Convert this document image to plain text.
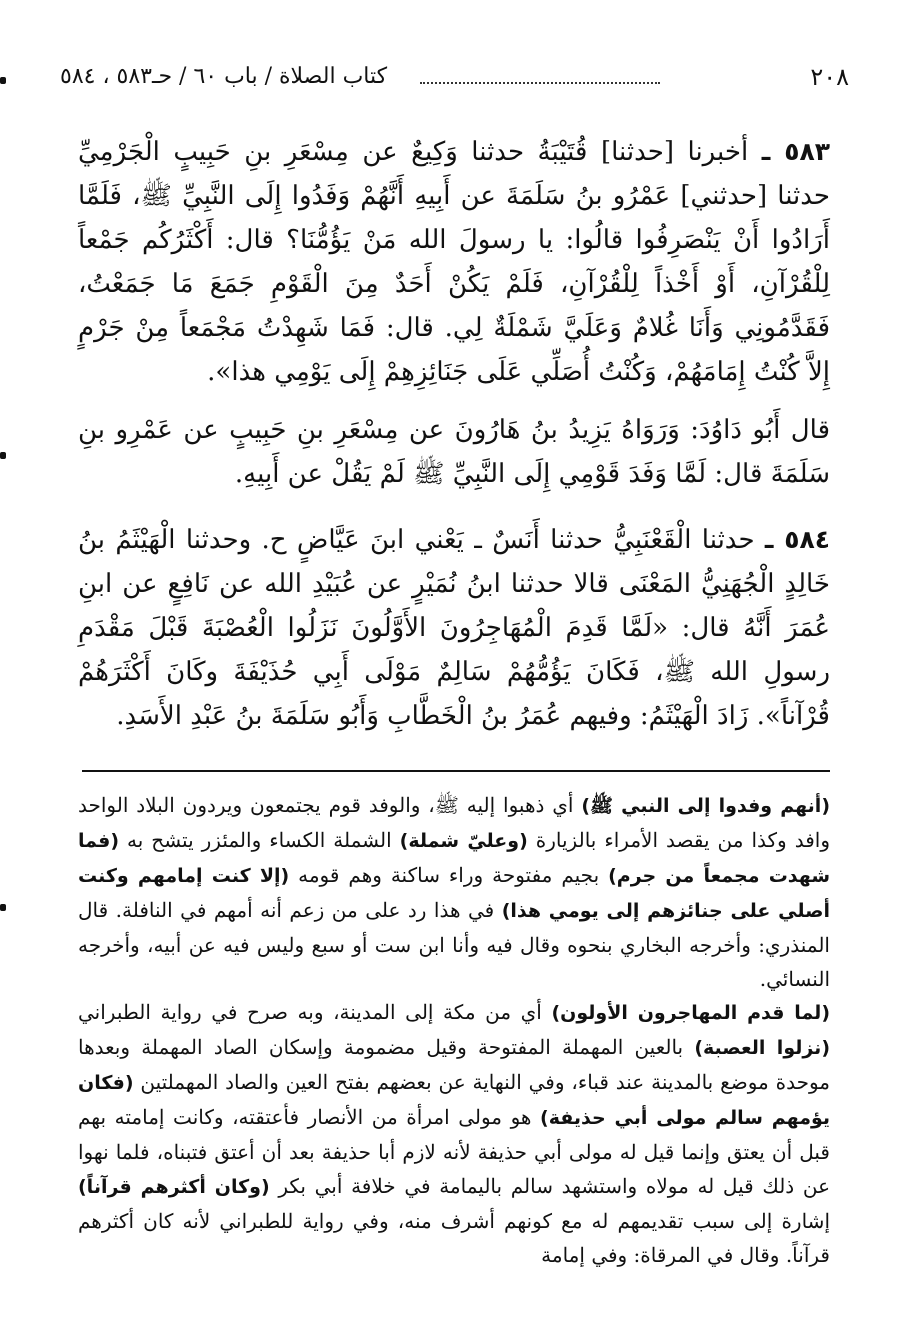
٢٠٨
كتاب الصلاة / باب ٦٠ / حـ٥٨٣ ، ٥٨٤
٥٨٣ ـ أخبرنا [حدثنا] قُتَيْبَةُ حدثنا وَكِيعٌ عن مِسْعَرِ بنِ حَبِيبٍ الْجَرْمِيِّ حدثنا [حدثني] عَمْرُو بنُ سَلَمَةَ عن أَبِيهِ أَنَّهُمْ وَفَدُوا إِلَى النَّبِيِّ ﷺ، فَلَمَّا أَرَادُوا أَنْ يَنْصَرِفُوا قالُوا: يا رسولَ الله مَنْ يَؤُمُّنَا؟ قال: أَكْثَرُكُم جَمْعاً لِلْقُرْآنِ، أَوْ أَخْذاً لِلْقُرْآنِ، فَلَمْ يَكُنْ أَحَدٌ مِنَ الْقَوْمِ جَمَعَ مَا جَمَعْتُ، فَقَدَّمُونِي وَأَنَا غُلامٌ وَعَلَيَّ شَمْلَةٌ لِي. قال: فَمَا شَهِدْتُ مَجْمَعاً مِنْ جَرْمٍ إِلاَّ كُنْتُ إِمَامَهُمْ، وَكُنْتُ أُصَلِّي عَلَى جَنَائِزِهِمْ إِلَى يَوْمِي هذا».
قال أَبُو دَاوُدَ: وَرَوَاهُ يَزِيدُ بنُ هَارُونَ عن مِسْعَرِ بنِ حَبِيبٍ عن عَمْرِو بنِ سَلَمَةَ قال: لَمَّا وَفَدَ قَوْمِي إِلَى النَّبِيِّ ﷺ لَمْ يَقُلْ عن أَبِيهِ.
٥٨٤ ـ حدثنا الْقَعْنَبِيُّ حدثنا أَنَسٌ ـ يَعْني ابنَ عَيَّاضٍ ح. وحدثنا الْهَيْثَمُ بنُ خَالِدٍ الْجُهَنِيُّ المَعْنَى قالا حدثنا ابنُ نُمَيْرٍ عن عُبَيْدِ الله عن نَافِعٍ عن ابنِ عُمَرَ أَنَّهُ قال: «لَمَّا قَدِمَ الْمُهَاجِرُونَ الأَوَّلُونَ نَزَلُوا الْعُصْبَةَ قَبْلَ مَقْدَمِ رسولِ الله ﷺ، فَكَانَ يَؤُمُّهُمْ سَالِمٌ مَوْلَى أَبِي حُذَيْفَةَ وكَانَ أَكْثَرَهُمْ قُرْآناً». زَادَ الْهَيْثَمُ: وفيهم عُمَرُ بنُ الْخَطَّابِ وَأَبُو سَلَمَةَ بنُ عَبْدِ الأَسَدِ.
(أنهم وفدوا إلى النبي ﷺ) أي ذهبوا إليه ﷺ، والوفد قوم يجتمعون ويردون البلاد الواحد وافد وكذا من يقصد الأمراء بالزيارة (وعليّ شملة) الشملة الكساء والمئزر يتشح به (فما شهدت مجمعاً من جرم) بجيم مفتوحة وراء ساكنة وهم قومه (إلا كنت إمامهم وكنت أصلي على جنائزهم إلى يومي هذا) في هذا رد على من زعم أنه أمهم في النافلة. قال المنذري: وأخرجه البخاري بنحوه وقال فيه وأنا ابن ست أو سبع وليس فيه عن أبيه، وأخرجه النسائي.
(لما قدم المهاجرون الأولون) أي من مكة إلى المدينة، وبه صرح في رواية الطبراني (نزلوا العصبة) بالعين المهملة المفتوحة وقيل مضمومة وإسكان الصاد المهملة وبعدها موحدة موضع بالمدينة عند قباء، وفي النهاية عن بعضهم بفتح العين والصاد المهملتين (فكان يؤمهم سالم مولى أبي حذيفة) هو مولى امرأة من الأنصار فأعتقته، وكانت إمامته بهم قبل أن يعتق وإنما قيل له مولى أبي حذيفة لأنه لازم أبا حذيفة بعد أن أعتق فتبناه، فلما نهوا عن ذلك قيل له مولاه واستشهد سالم باليمامة في خلافة أبي بكر (وكان أكثرهم قرآناً) إشارة إلى سبب تقديمهم له مع كونهم أشرف منه، وفي رواية للطبراني لأنه كان أكثرهم قرآناً. وقال في المرقاة: وفي إمامة
